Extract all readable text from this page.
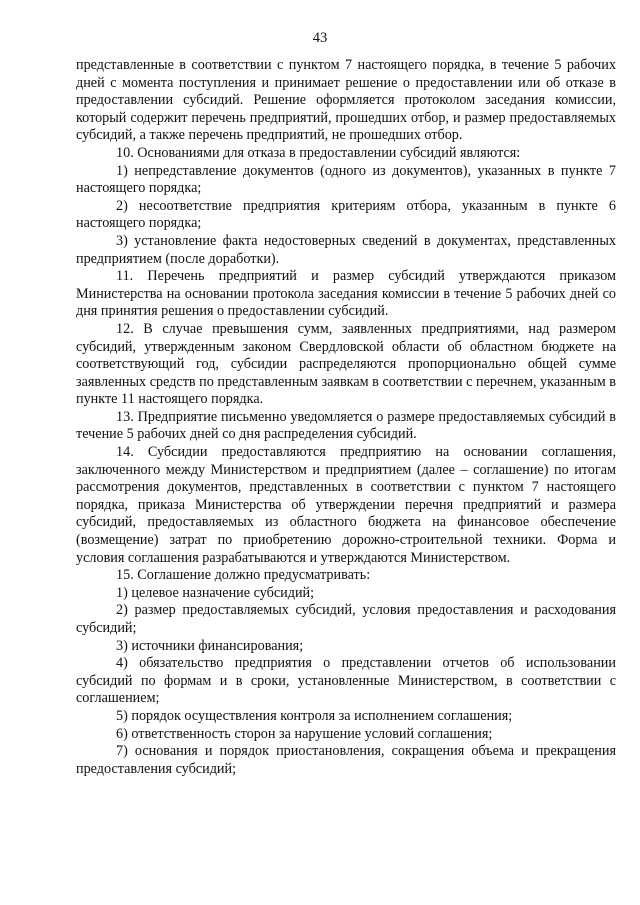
43

представленные в соответствии с пунктом 7 настоящего порядка, в течение 5 рабочих дней с момента поступления и принимает решение о предоставлении или об отказе в предоставлении субсидий. Решение оформляется протоколом заседания комиссии, который содержит перечень предприятий, прошедших отбор, и размер предоставляемых субсидий, а также перечень предприятий, не прошедших отбор.

10. Основаниями для отказа в предоставлении субсидий являются:

1) непредставление документов (одного из документов), указанных в пункте 7 настоящего порядка;

2) несоответствие предприятия критериям отбора, указанным в пункте 6 настоящего порядка;

3) установление факта недостоверных сведений в документах, представленных предприятием (после доработки).

11. Перечень предприятий и размер субсидий утверждаются приказом Министерства на основании протокола заседания комиссии в течение 5 рабочих дней со дня принятия решения о предоставлении субсидий.

12. В случае превышения сумм, заявленных предприятиями, над размером субсидий, утвержденным законом Свердловской области об областном бюджете на соответствующий год, субсидии распределяются пропорционально общей сумме заявленных средств по представленным заявкам в соответствии с перечнем, указанным в пункте 11 настоящего порядка.

13. Предприятие письменно уведомляется о размере предоставляемых субсидий в течение 5 рабочих дней со дня распределения субсидий.

14. Субсидии предоставляются предприятию на основании соглашения, заключенного между Министерством и предприятием (далее – соглашение) по итогам рассмотрения документов, представленных в соответствии с пунктом 7 настоящего порядка, приказа Министерства об утверждении перечня предприятий и размера субсидий, предоставляемых из областного бюджета на финансовое обеспечение (возмещение) затрат по приобретению дорожно-строительной техники. Форма и условия соглашения разрабатываются и утверждаются Министерством.

15. Соглашение должно предусматривать:

1) целевое назначение субсидий;

2) размер предоставляемых субсидий, условия предоставления и расходования субсидий;

3) источники финансирования;

4) обязательство предприятия о представлении отчетов об использовании субсидий по формам и в сроки, установленные Министерством, в соответствии с соглашением;

5) порядок осуществления контроля за исполнением соглашения;

6) ответственность сторон за нарушение условий соглашения;

7) основания и порядок приостановления, сокращения объема и прекращения предоставления субсидий;
